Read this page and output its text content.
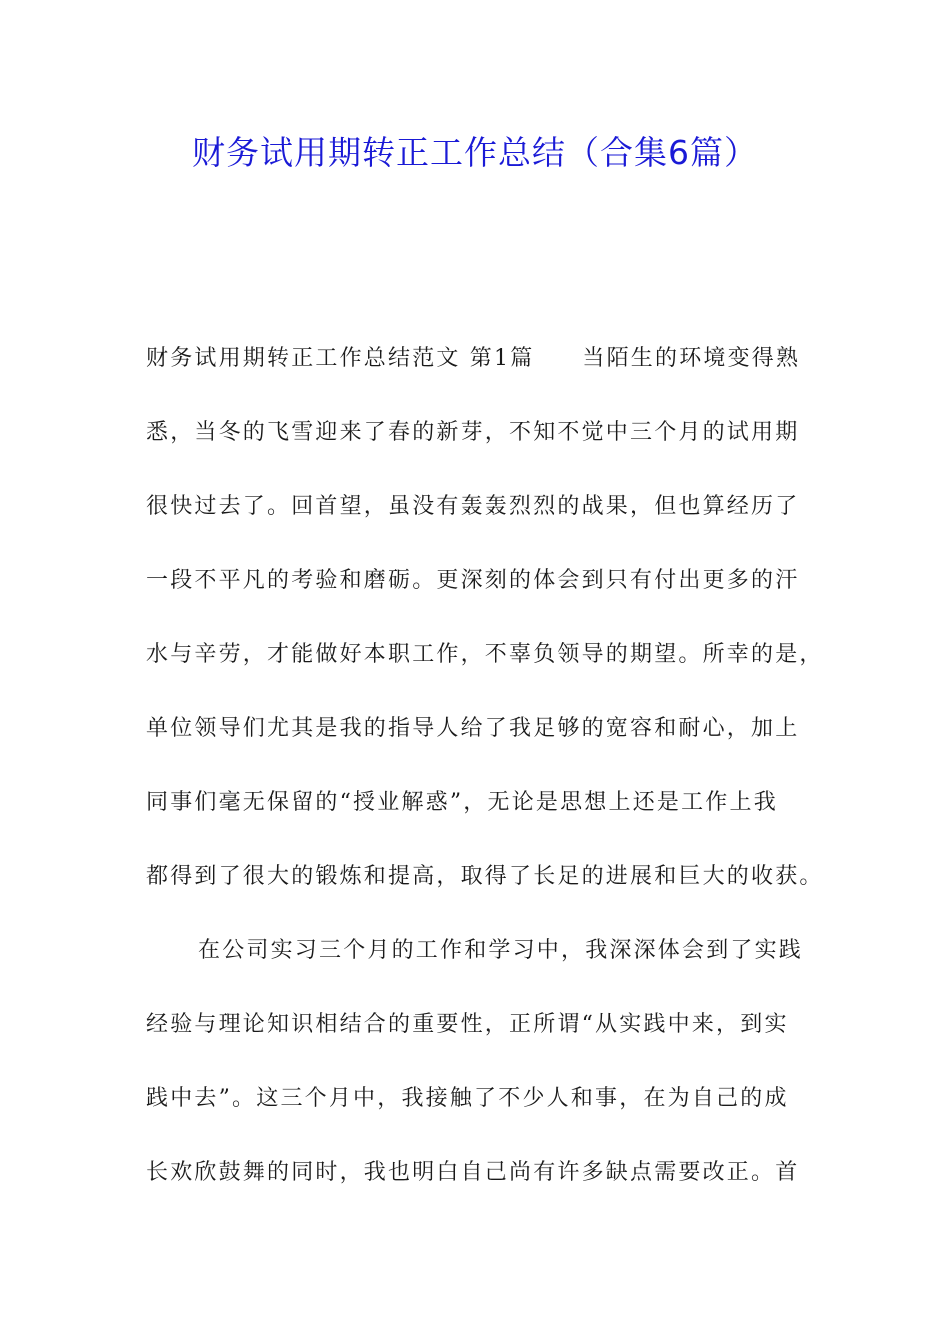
财务试用期转正工作总结（合集6篇）
财务试用期转正工作总结范文 第1篇 当陌生的环境变得熟
悉，当冬的飞雪迎来了春的新芽，不知不觉中三个月的试用期
很快过去了。回首望，虽没有轰轰烈烈的战果，但也算经历了
一段不平凡的考验和磨砺。更深刻的体会到只有付出更多的汗
水与辛劳，才能做好本职工作，不辜负领导的期望。所幸的是，
单位领导们尤其是我的指导人给了我足够的宽容和耐心，加上
同事们毫无保留的“授业解惑”，无论是思想上还是工作上我
都得到了很大的锻炼和提高，取得了长足的进展和巨大的收获。
在公司实习三个月的工作和学习中，我深深体会到了实践
经验与理论知识相结合的重要性，正所谓“从实践中来，到实
践中去”。这三个月中，我接触了不少人和事，在为自己的成
长欢欣鼓舞的同时，我也明白自己尚有许多缺点需要改正。首
